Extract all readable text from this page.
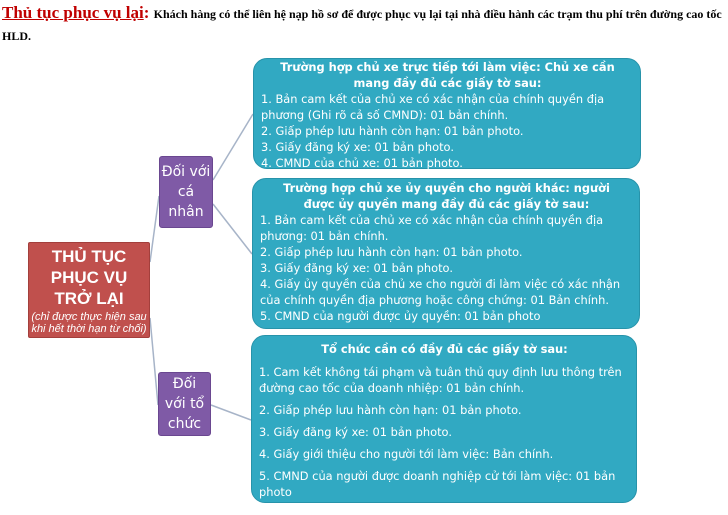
Thủ tục phục vụ lại: Khách hàng có thể liên hệ nạp hồ sơ để được phục vụ lại tại nhà điều hành các trạm thu phí trên đường cao tốc HLD.
THỦ TỤC
PHỤC VỤ
TRỞ LẠI
(chỉ được thực hiện sau khi hết thời hạn từ chối)
Đối với
cá
nhân
Đối
với tổ
chức
Trường hợp chủ xe trực tiếp tới làm việc: Chủ xe cần mang đầy đủ các giấy tờ sau:
1. Bản cam kết của chủ xe có xác nhận của chính quyền địa phương (Ghi rõ cả số CMND): 01 bản chính.
2. Giấp phép lưu hành còn hạn: 01 bản photo.
3. Giấy đăng ký xe: 01 bản photo.
4. CMND của chủ xe: 01 bản photo.
Trường hợp chủ xe ủy quyền cho người khác: người được ủy quyền mang đầy đủ các giấy tờ sau:
1. Bản cam kết của chủ xe có xác nhận của chính quyền địa phương: 01 bản chính.
2. Giấp phép lưu hành còn hạn: 01 bản photo.
3. Giấy đăng ký xe: 01 bản photo.
4. Giấy ủy quyền của chủ xe cho người đi làm việc có xác nhận của chính quyền địa phương hoặc công chứng: 01 Bản chính.
5. CMND của người được ủy quyền: 01 bản photo
Tổ chức cần có đầy đủ các giấy tờ sau:
1. Cam kết không tái phạm và tuân thủ quy định lưu thông trên đường cao tốc của doanh nhiệp: 01 bản chính.
2. Giấp phép lưu hành còn hạn: 01 bản photo.
3. Giấy đăng ký xe: 01 bản photo.
4. Giấy giới thiệu cho người tới làm việc: Bản chính.
5. CMND của người được doanh nghiệp cử tới làm việc: 01 bản photo
